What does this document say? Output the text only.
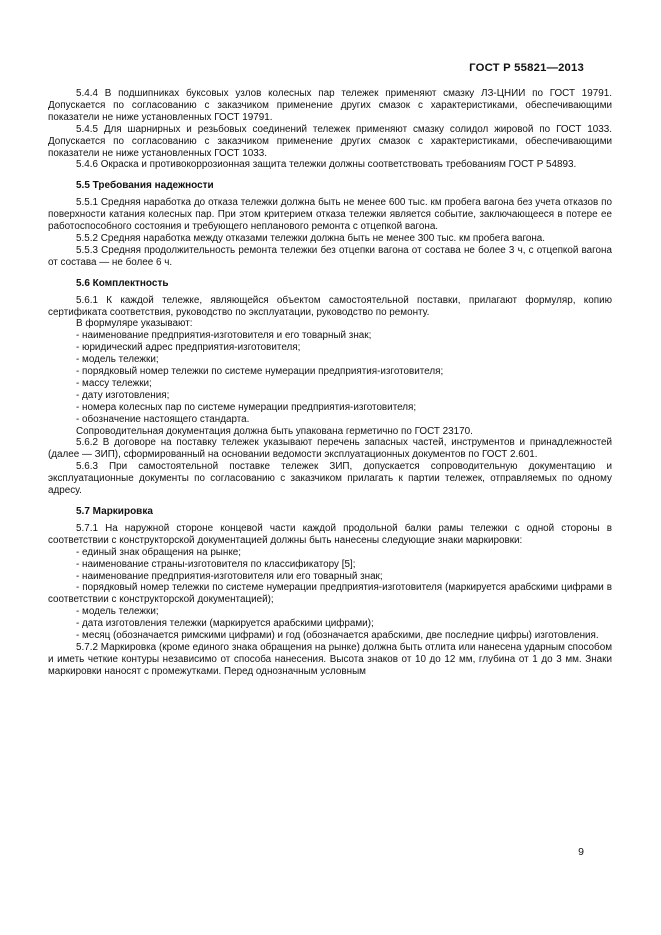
ГОСТ Р 55821—2013

5.4.4 В подшипниках буксовых узлов колесных пар тележек применяют смазку ЛЗ-ЦНИИ по ГОСТ 19791. Допускается по согласованию с заказчиком применение других смазок с характеристиками, обеспечивающими показатели не ниже установленных ГОСТ 19791.

5.4.5 Для шарнирных и резьбовых соединений тележек применяют смазку солидол жировой по ГОСТ 1033. Допускается по согласованию с заказчиком применение других смазок с характеристиками, обеспечивающими показатели не ниже установленных ГОСТ 1033.

5.4.6 Окраска и противокоррозионная защита тележки должны соответствовать требованиям ГОСТ Р 54893.

5.5 Требования надежности

5.5.1 Средняя наработка до отказа тележки должна быть не менее 600 тыс. км пробега вагона без учета отказов по поверхности катания колесных пар. При этом критерием отказа тележки является событие, заключающееся в потере ее работоспособного состояния и требующего непланового ремонта с отцепкой вагона.

5.5.2 Средняя наработка между отказами тележки должна быть не менее 300 тыс. км пробега вагона.

5.5.3 Средняя продолжительность ремонта тележки без отцепки вагона от состава не более 3 ч, с отцепкой вагона от состава — не более 6 ч.

5.6 Комплектность

5.6.1 К каждой тележке, являющейся объектом самостоятельной поставки, прилагают формуляр, копию сертификата соответствия, руководство по эксплуатации, руководство по ремонту.

В формуляре указывают:

- наименование предприятия-изготовителя и его товарный знак;

- юридический адрес предприятия-изготовителя;

- модель тележки;

- порядковый номер тележки по системе нумерации предприятия-изготовителя;

- массу тележки;

- дату изготовления;

- номера колесных пар по системе нумерации предприятия-изготовителя;

- обозначение настоящего стандарта.

Сопроводительная документация должна быть упакована герметично по ГОСТ 23170.

5.6.2 В договоре на поставку тележек указывают перечень запасных частей, инструментов и принадлежностей (далее — ЗИП), сформированный на основании ведомости эксплуатационных документов по ГОСТ 2.601.

5.6.3 При самостоятельной поставке тележек ЗИП, допускается сопроводительную документацию и эксплуатационные документы по согласованию с заказчиком прилагать к партии тележек, отправляемых по одному адресу.

5.7 Маркировка

5.7.1 На наружной стороне концевой части каждой продольной балки рамы тележки с одной стороны в соответствии с конструкторской документацией должны быть нанесены следующие знаки маркировки:

- единый знак обращения на рынке;

- наименование страны-изготовителя по классификатору [5];

- наименование предприятия-изготовителя или его товарный знак;

- порядковый номер тележки по системе нумерации предприятия-изготовителя (маркируется арабскими цифрами в соответствии с конструкторской документацией);

- модель тележки;

- дата изготовления тележки (маркируется арабскими цифрами);

- месяц (обозначается римскими цифрами) и год (обозначается арабскими, две последние цифры) изготовления.

5.7.2 Маркировка (кроме единого знака обращения на рынке) должна быть отлита или нанесена ударным способом и иметь четкие контуры независимо от способа нанесения. Высота знаков от 10 до 12 мм, глубина от 1 до 3 мм. Знаки маркировки наносят с промежутками. Перед однозначным условным

9
